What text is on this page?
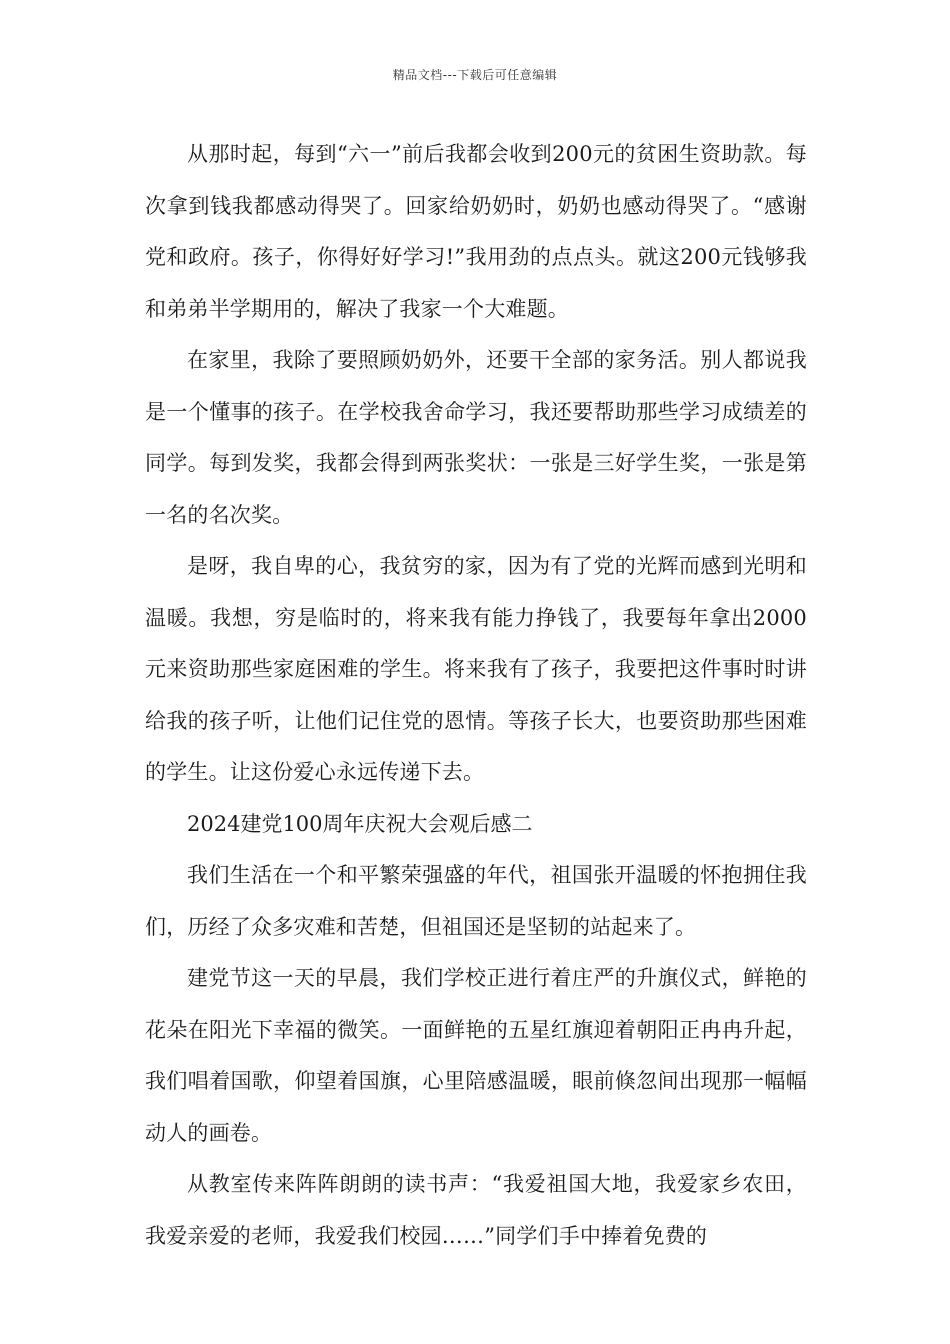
精品文档---下载后可任意编辑

从那时起，每到“六一”前后我都会收到200元的贫困生资助款。每次拿到钱我都感动得哭了。回家给奶奶时，奶奶也感动得哭了。“感谢党和政府。孩子，你得好好学习!”我用劲的点点头。就这200元钱够我和弟弟半学期用的，解决了我家一个大难题。

在家里，我除了要照顾奶奶外，还要干全部的家务活。别人都说我是一个懂事的孩子。在学校我舍命学习，我还要帮助那些学习成绩差的同学。每到发奖，我都会得到两张奖状：一张是三好学生奖，一张是第一名的名次奖。

是呀，我自卑的心，我贫穷的家，因为有了党的光辉而感到光明和温暖。我想，穷是临时的，将来我有能力挣钱了，我要每年拿出2000元来资助那些家庭困难的学生。将来我有了孩子，我要把这件事时时讲给我的孩子听，让他们记住党的恩情。等孩子长大，也要资助那些困难的学生。让这份爱心永远传递下去。

2024建党100周年庆祝大会观后感二

我们生活在一个和平繁荣强盛的年代，祖国张开温暖的怀抱拥住我们，历经了众多灾难和苦楚，但祖国还是坚韧的站起来了。

建党节这一天的早晨，我们学校正进行着庄严的升旗仪式，鲜艳的花朵在阳光下幸福的微笑。一面鲜艳的五星红旗迎着朝阳正冉冉升起，我们唱着国歌，仰望着国旗，心里陪感温暖，眼前倏忽间出现那一幅幅动人的画卷。

从教室传来阵阵朗朗的读书声：“我爱祖国大地，我爱家乡农田，我爱亲爱的老师，我爱我们校园……”同学们手中捧着免费的
